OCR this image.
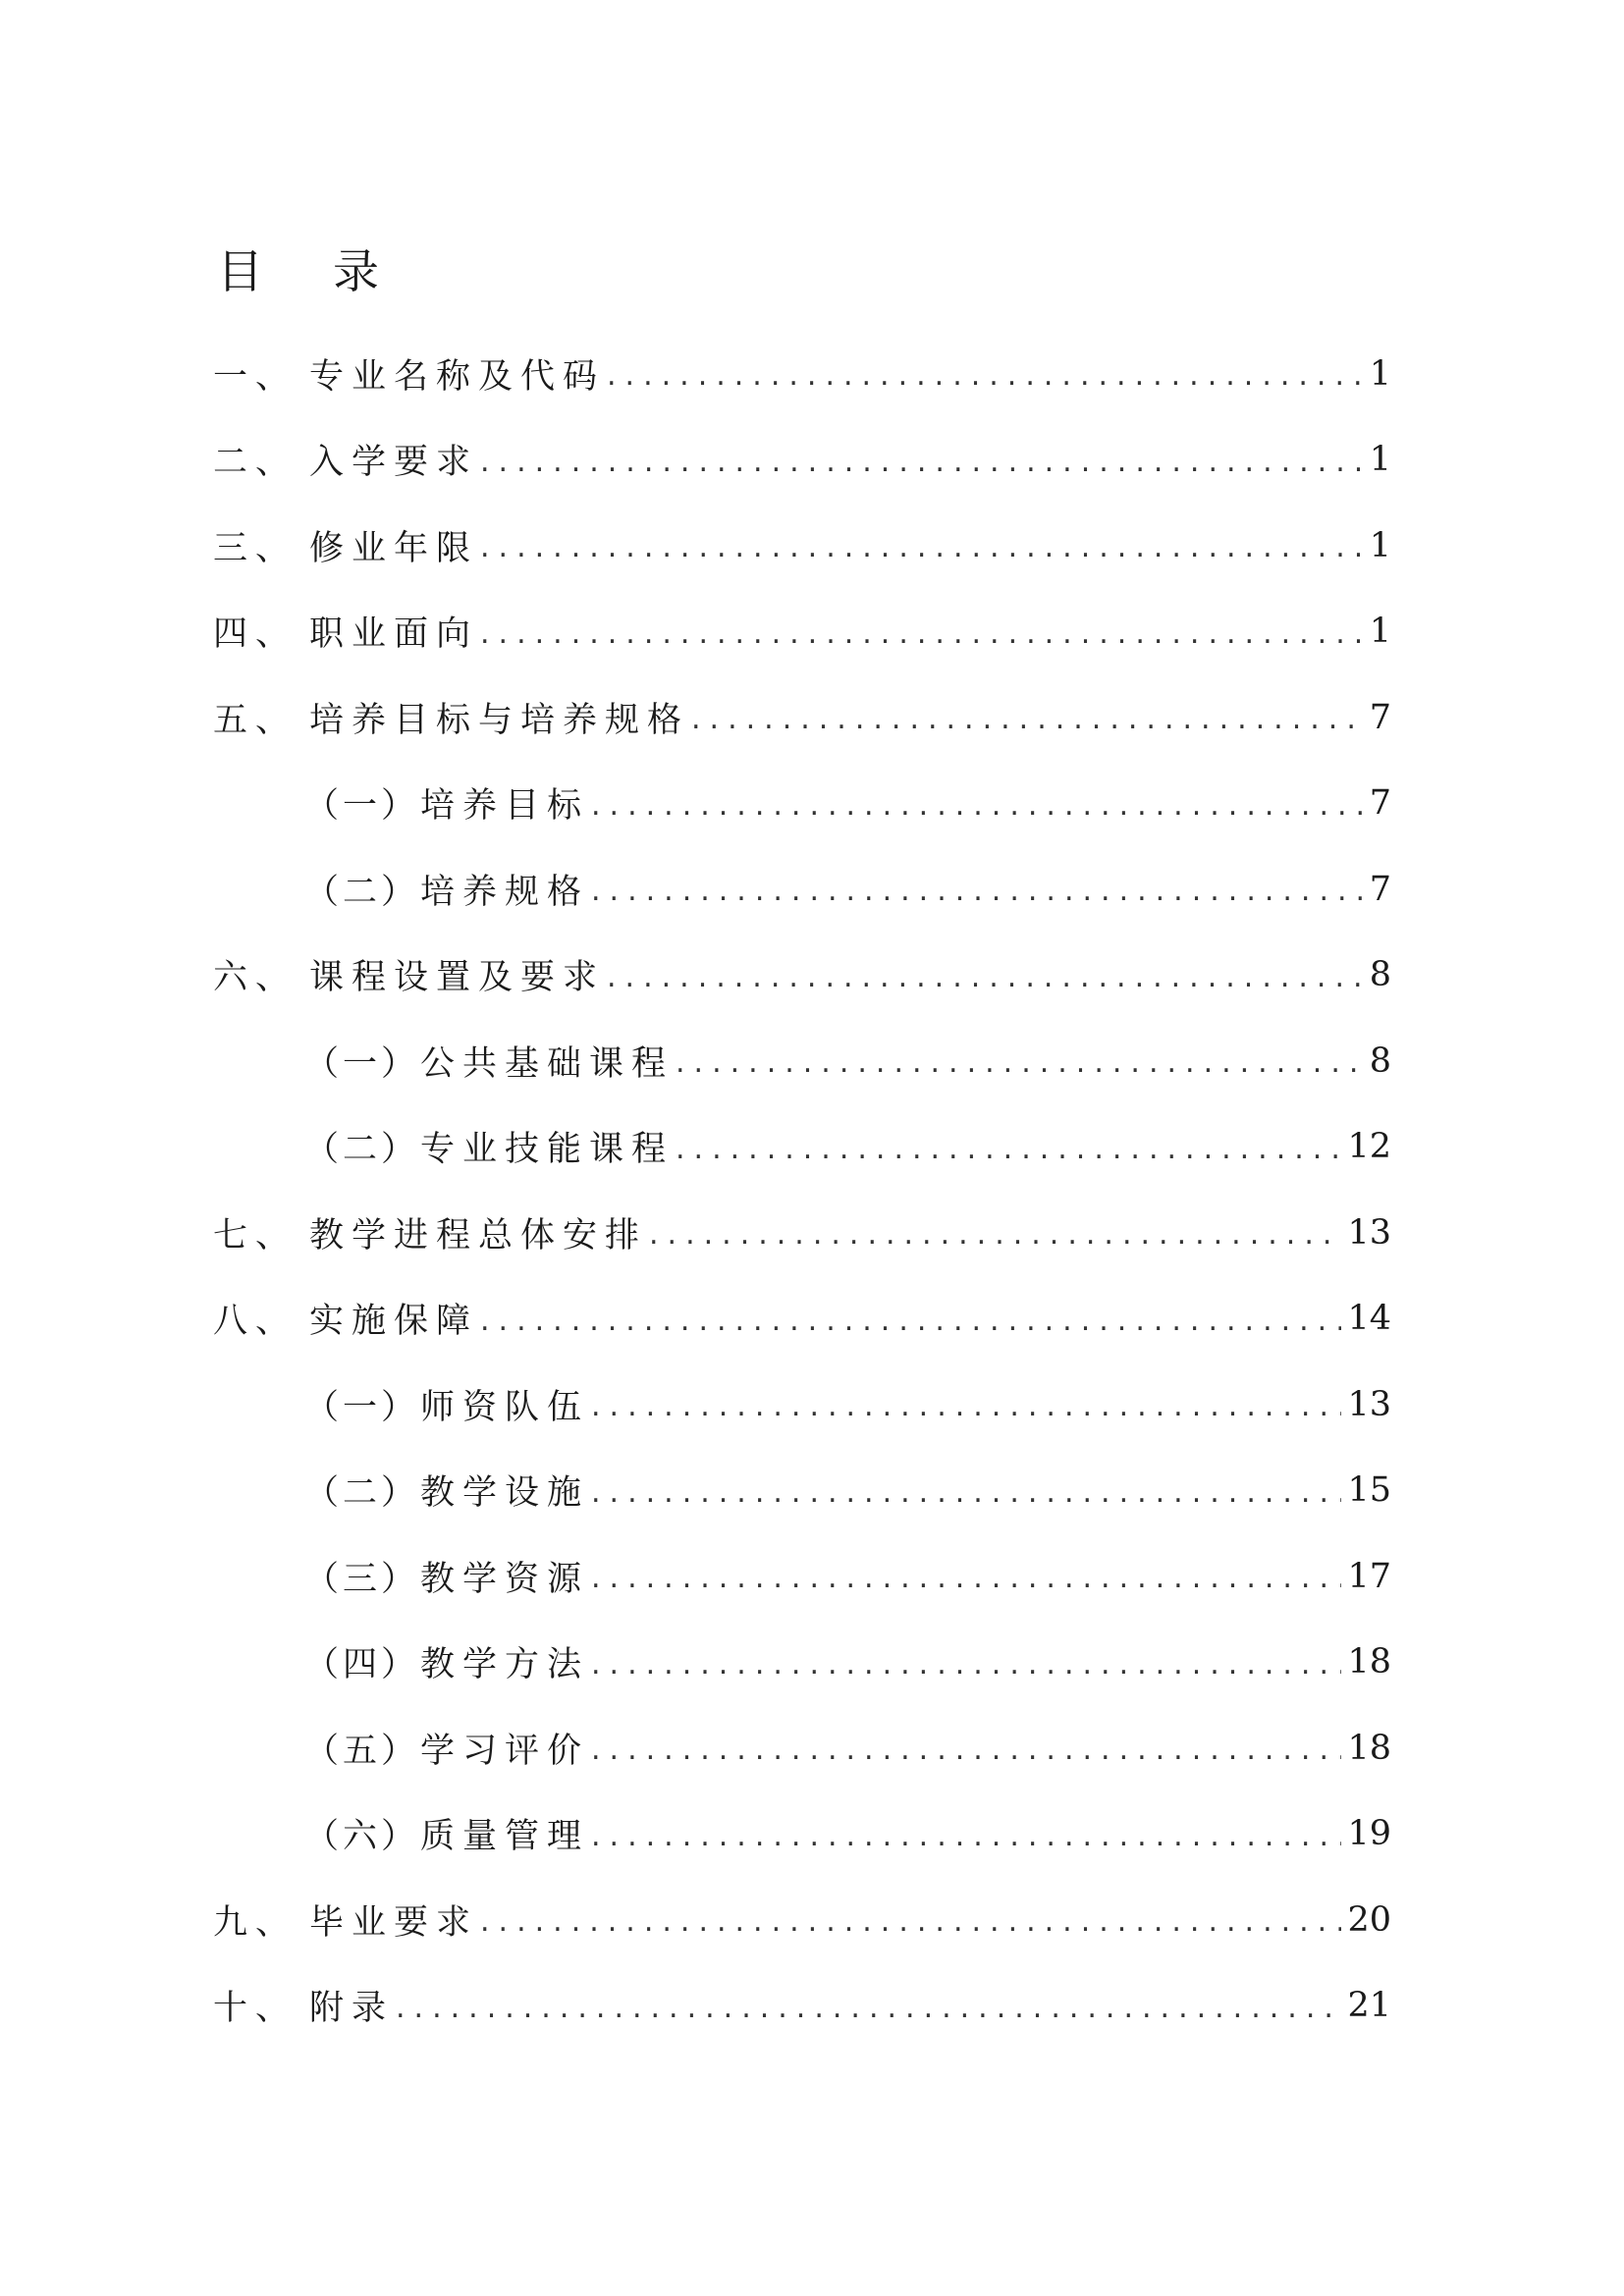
目 录
一、 专业名称及代码 .....	1
二、 入学要求 .....	1
三、 修业年限 .....	1
四、 职业面向 .....	1
五、 培养目标与培养规格 .....	7
（一） 培养目标 .....	7
（二） 培养规格 .....	7
六、 课程设置及要求 .....	8
（一） 公共基础课程 .....	8
（二） 专业技能课程 .....	12
七、 教学进程总体安排 .....	13
八、 实施保障 .....	14
（一） 师资队伍 .....	13
（二） 教学设施 .....	15
（三） 教学资源 .....	17
（四） 教学方法 .....	18
（五） 学习评价 .....	18
（六） 质量管理 .....	19
九、 毕业要求 .....	20
十、 附录 .....	21
